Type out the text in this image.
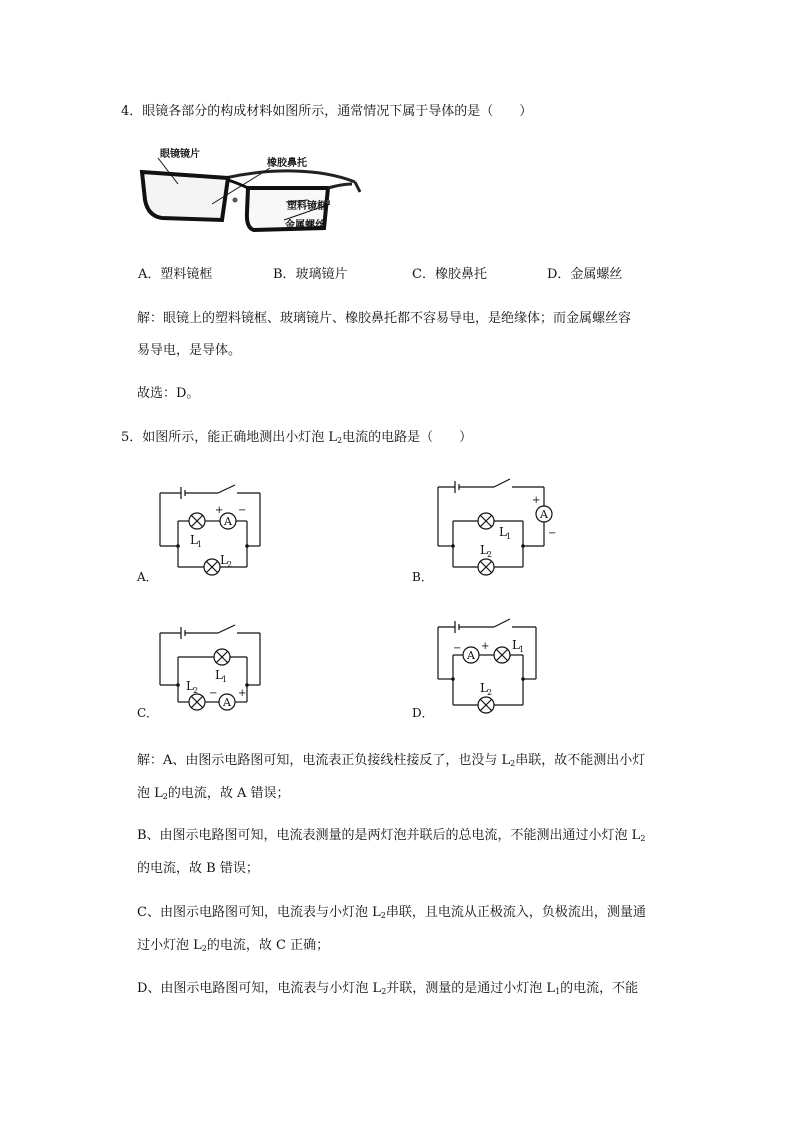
4．眼镜各部分的构成材料如图所示，通常情况下属于导体的是（　　）
眼镜镜片
橡胶鼻托
塑料镜框
金属螺丝
A．塑料镜框	B．玻璃镜片	C．橡胶鼻托	D．金属螺丝
解：眼镜上的塑料镜框、玻璃镜片、橡胶鼻托都不容易导电，是绝缘体；而金属螺丝容
易导电，是导体。
故选：D。
5．如图所示，能正确地测出小灯泡 $L_2$电流的电路是（　　）
A
+ −
L 1
L 2
A．
A
+
−
L 1
L 2
B．
A
− +
L 1
L 2
C．
A
− + L 1
L 2
D．
解：A、由图示电路图可知，电流表正负接线柱接反了，也没与 $L_2$串联，故不能测出小灯
泡 $L_2$的电流，故 A 错误；
B、由图示电路图可知，电流表测量的是两灯泡并联后的总电流，不能测出通过小灯泡 $L_2$
的电流，故 B 错误；
C、由图示电路图可知，电流表与小灯泡 $L_2$串联，且电流从正极流入，负极流出，测量通
过小灯泡 $L_2$的电流，故 C 正确；
D、由图示电路图可知，电流表与小灯泡 $L_2$并联，测量的是通过小灯泡 $L_1$的电流，不能
